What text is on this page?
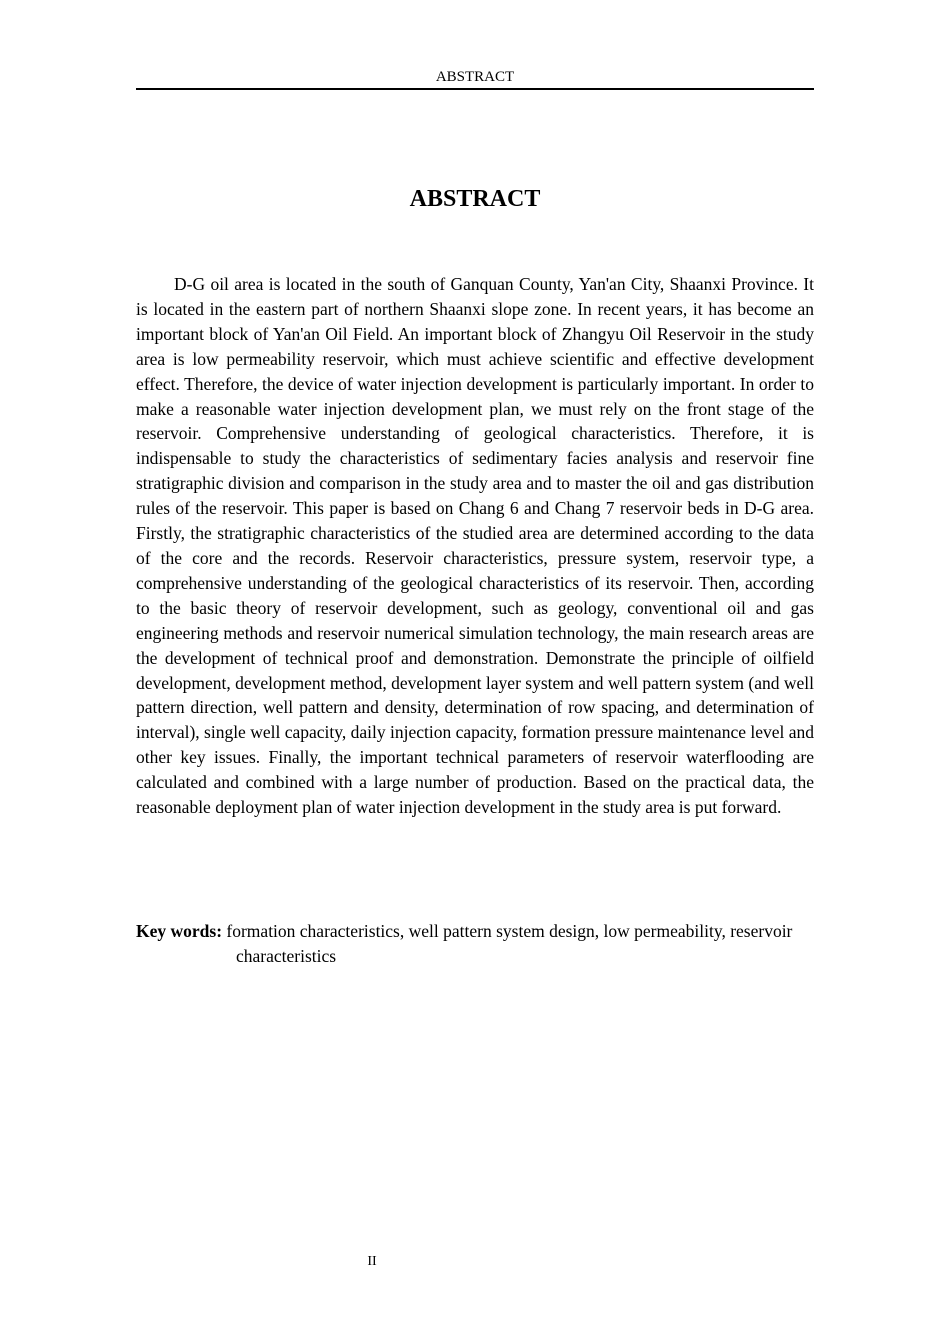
ABSTRACT
ABSTRACT

D-G oil area is located in the south of Ganquan County, Yan'an City, Shaanxi Province. It is located in the eastern part of northern Shaanxi slope zone. In recent years, it has become an important block of Yan'an Oil Field. An important block of Zhangyu Oil Reservoir in the study area is low permeability reservoir, which must achieve scientific and effective development effect. Therefore, the device of water injection development is particularly important. In order to make a reasonable water injection development plan, we must rely on the front stage of the reservoir. Comprehensive understanding of geological characteristics. Therefore, it is indispensable to study the characteristics of sedimentary facies analysis and reservoir fine stratigraphic division and comparison in the study area and to master the oil and gas distribution rules of the reservoir. This paper is based on Chang 6 and Chang 7 reservoir beds in D-G area. Firstly, the stratigraphic characteristics of the studied area are determined according to the data of the core and the records. Reservoir characteristics, pressure system, reservoir type, a comprehensive understanding of the geological characteristics of its reservoir. Then, according to the basic theory of reservoir development, such as geology, conventional oil and gas engineering methods and reservoir numerical simulation technology, the main research areas are the development of technical proof and demonstration. Demonstrate the principle of oilfield development, development method, development layer system and well pattern system (and well pattern direction, well pattern and density, determination of row spacing, and determination of interval), single well capacity, daily injection capacity, formation pressure maintenance level and other key issues. Finally, the important technical parameters of reservoir waterflooding are calculated and combined with a large number of production. Based on the practical data, the reasonable deployment plan of water injection development in the study area is put forward.

Key words: formation characteristics, well pattern system design, low permeability, reservoir characteristics
II
